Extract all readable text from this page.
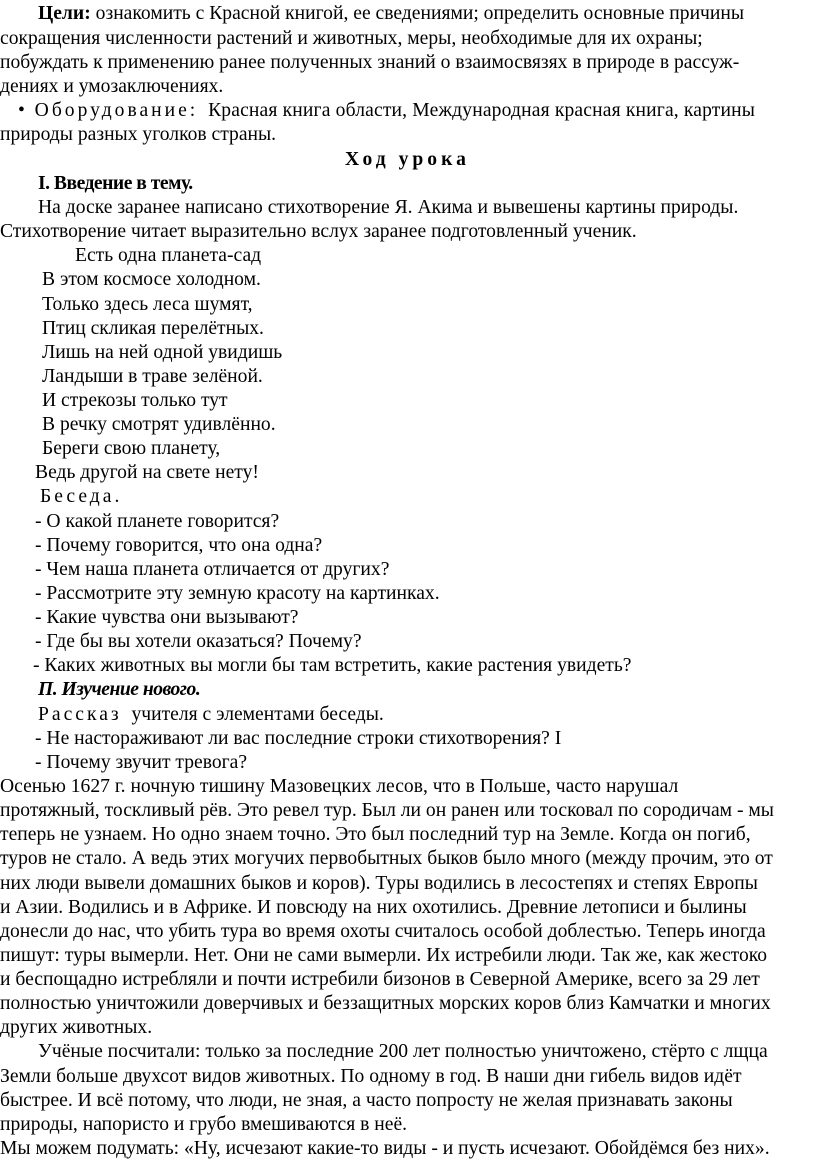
Цели: ознакомить с Красной книгой, ее сведениями; определить основные причины
сокращения численности растений и животных, меры, необходимые для их охраны;
побуждать к применению ранее полученных знаний о взаимосвязях в природе в рассуж-
дениях и умозаключениях.
• Оборудование: Красная книга области, Международная красная книга, картины
природы разных уголков страны.
Ход урока
I. Введение в тему.
На доске заранее написано стихотворение Я. Акима и вывешены картины природы.
Стихотворение читает выразительно вслух заранее подготовленный ученик.
Есть одна планета-сад
В этом космосе холодном.
Только здесь леса шумят,
Птиц скликая перелётных.
Лишь на ней одной увидишь
Ландыши в траве зелёной.
И стрекозы только тут
В речку смотрят удивлённо.
Береги свою планету,
Ведь другой на свете нету!
Беседа.
- О какой планете говорится?
- Почему говорится, что она одна?
- Чем наша планета отличается от других?
- Рассмотрите эту земную красоту на картинках.
- Какие чувства они вызывают?
- Где бы вы хотели оказаться? Почему?
- Каких животных вы могли бы там встретить, какие растения увидеть?
П. Изучение нового.
Рассказ учителя с элементами беседы.
- Не настораживают ли вас последние строки стихотворения? I
- Почему звучит тревога?
Осенью 1627 г. ночную тишину Мазовецких лесов, что в Польше, часто нарушал
протяжный, тоскливый рёв. Это ревел тур. Был ли он ранен или тосковал по сородичам - мы
теперь не узнаем. Но одно знаем точно. Это был последний тур на Земле. Когда он погиб,
туров не стало. А ведь этих могучих первобытных быков было много (между прочим, это от
них люди вывели домашних быков и коров). Туры водились в лесостепях и степях Европы
и Азии. Водились и в Африке. И повсюду на них охотились. Древние летописи и былины
донесли до нас, что убить тура во время охоты считалось особой доблестью. Теперь иногда
пишут: туры вымерли. Нет. Они не сами вымерли. Их истребили люди. Так же, как жестоко
и беспощадно истребляли и почти истребили бизонов в Северной Америке, всего за 29 лет
полностью уничтожили доверчивых и беззащитных морских коров близ Камчатки и многих
других животных.
Учёные посчитали: только за последние 200 лет полностью уничтожено, стёрто с лщца
Земли больше двухсот видов животных. По одному в год. В наши дни гибель видов идёт
быстрее. И всё потому, что люди, не зная, а часто попросту не желая признавать законы
природы, напористо и грубо вмешиваются в неё.
Мы можем подумать: «Ну, исчезают какие-то виды - и пусть исчезают. Обойдёмся без них».
